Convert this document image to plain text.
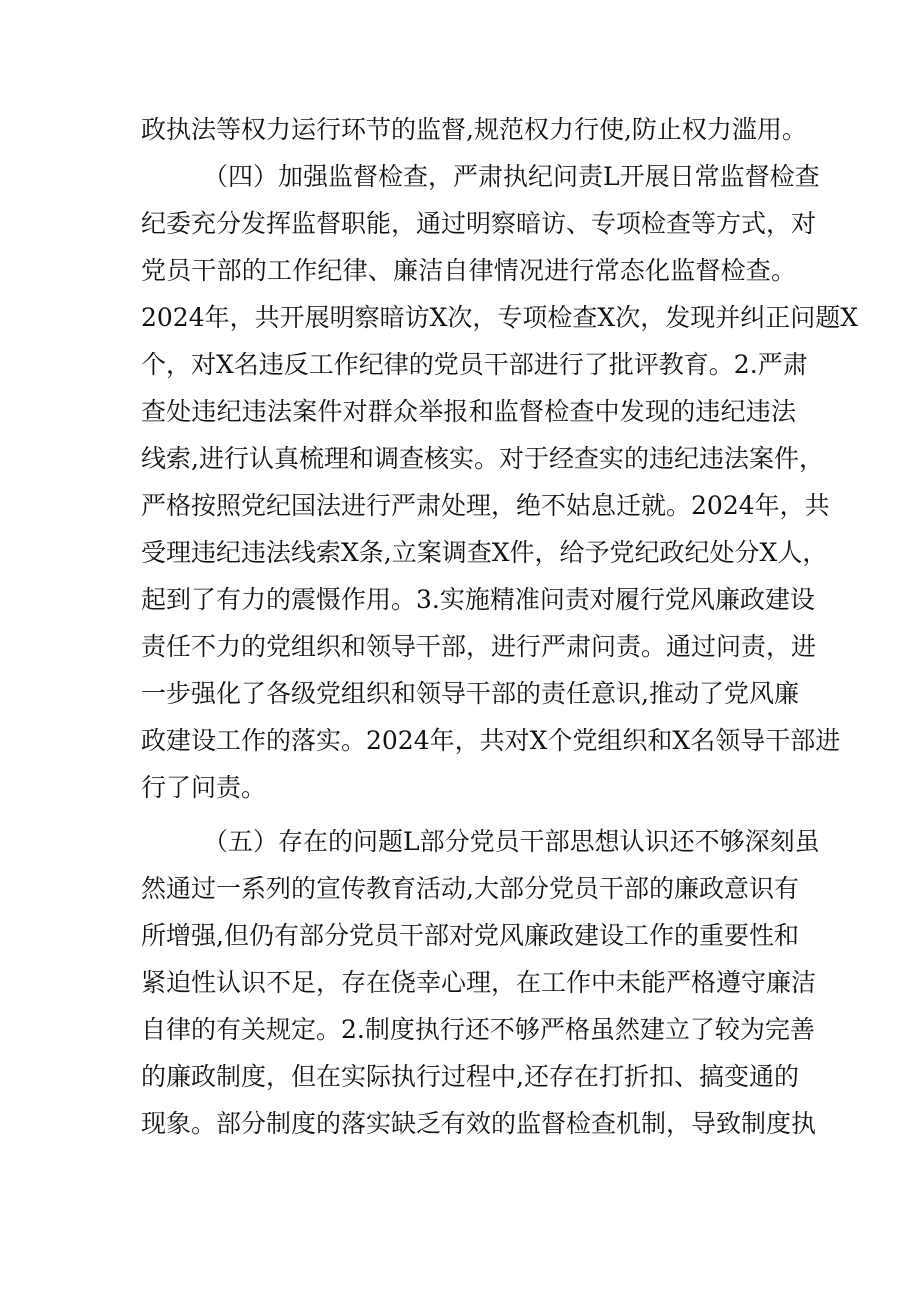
政执法等权力运行环节的监督,规范权力行使,防止权力滥用。
（四）加强监督检查，严肃执纪问责L开展日常监督检查
纪委充分发挥监督职能，通过明察暗访、专项检查等方式，对
党员干部的工作纪律、廉洁自律情况进行常态化监督检查。
2024年，共开展明察暗访X次，专项检查X次，发现并纠正问题X
个，对X名违反工作纪律的党员干部进行了批评教育。2.严肃
查处违纪违法案件对群众举报和监督检查中发现的违纪违法
线索,进行认真梳理和调查核实。对于经查实的违纪违法案件，
严格按照党纪国法进行严肃处理，绝不姑息迁就。2024年，共
受理违纪违法线索X条,立案调查X件，给予党纪政纪处分X人，
起到了有力的震慑作用。3.实施精准问责对履行党风廉政建设
责任不力的党组织和领导干部，进行严肃问责。通过问责，进
一步强化了各级党组织和领导干部的责任意识,推动了党风廉
政建设工作的落实。2024年，共对X个党组织和X名领导干部进
行了问责。
（五）存在的问题L部分党员干部思想认识还不够深刻虽
然通过一系列的宣传教育活动,大部分党员干部的廉政意识有
所增强,但仍有部分党员干部对党风廉政建设工作的重要性和
紧迫性认识不足，存在侥幸心理，在工作中未能严格遵守廉洁
自律的有关规定。2.制度执行还不够严格虽然建立了较为完善
的廉政制度，但在实际执行过程中,还存在打折扣、搞变通的
现象。部分制度的落实缺乏有效的监督检查机制，导致制度执
